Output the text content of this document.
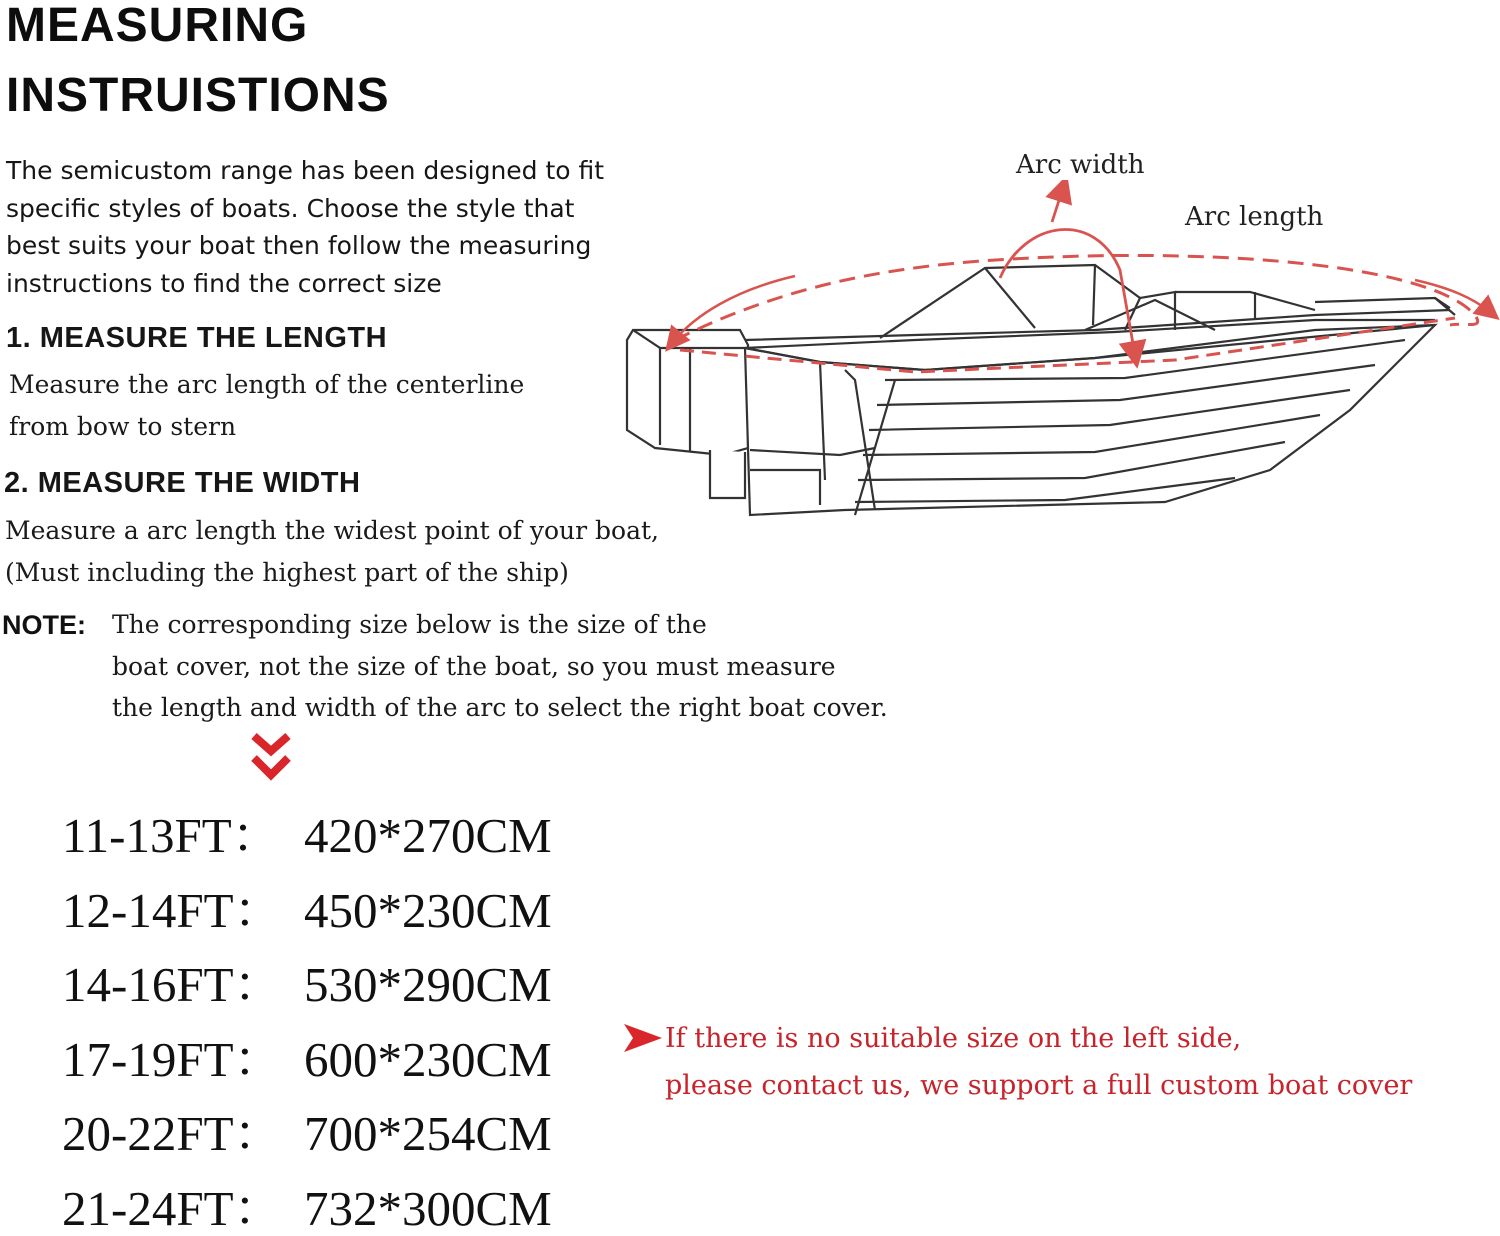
MEASURING
INSTRUISTIONS
The semicustom range has been designed to fit
specific styles of boats. Choose the style that
best suits your boat then follow the measuring
instructions to find the correct size
1. MEASURE THE LENGTH
Measure the arc length of the centerline
from bow to stern
2. MEASURE THE WIDTH
Measure a arc length the widest point of your boat,
(Must including the highest part of the ship)
NOTE: The corresponding size below is the size of the
boat cover, not the size of the boat, so you must measure
the length and width of the arc to select the right boat cover.
11-13FT： 420*270CM
12-14FT： 450*230CM
14-16FT： 530*290CM
17-19FT： 600*230CM
20-22FT： 700*254CM
21-24FT： 732*300CM
If there is no suitable size on the left side,
please contact us, we support a full custom boat cover
Arc width
Arc length
